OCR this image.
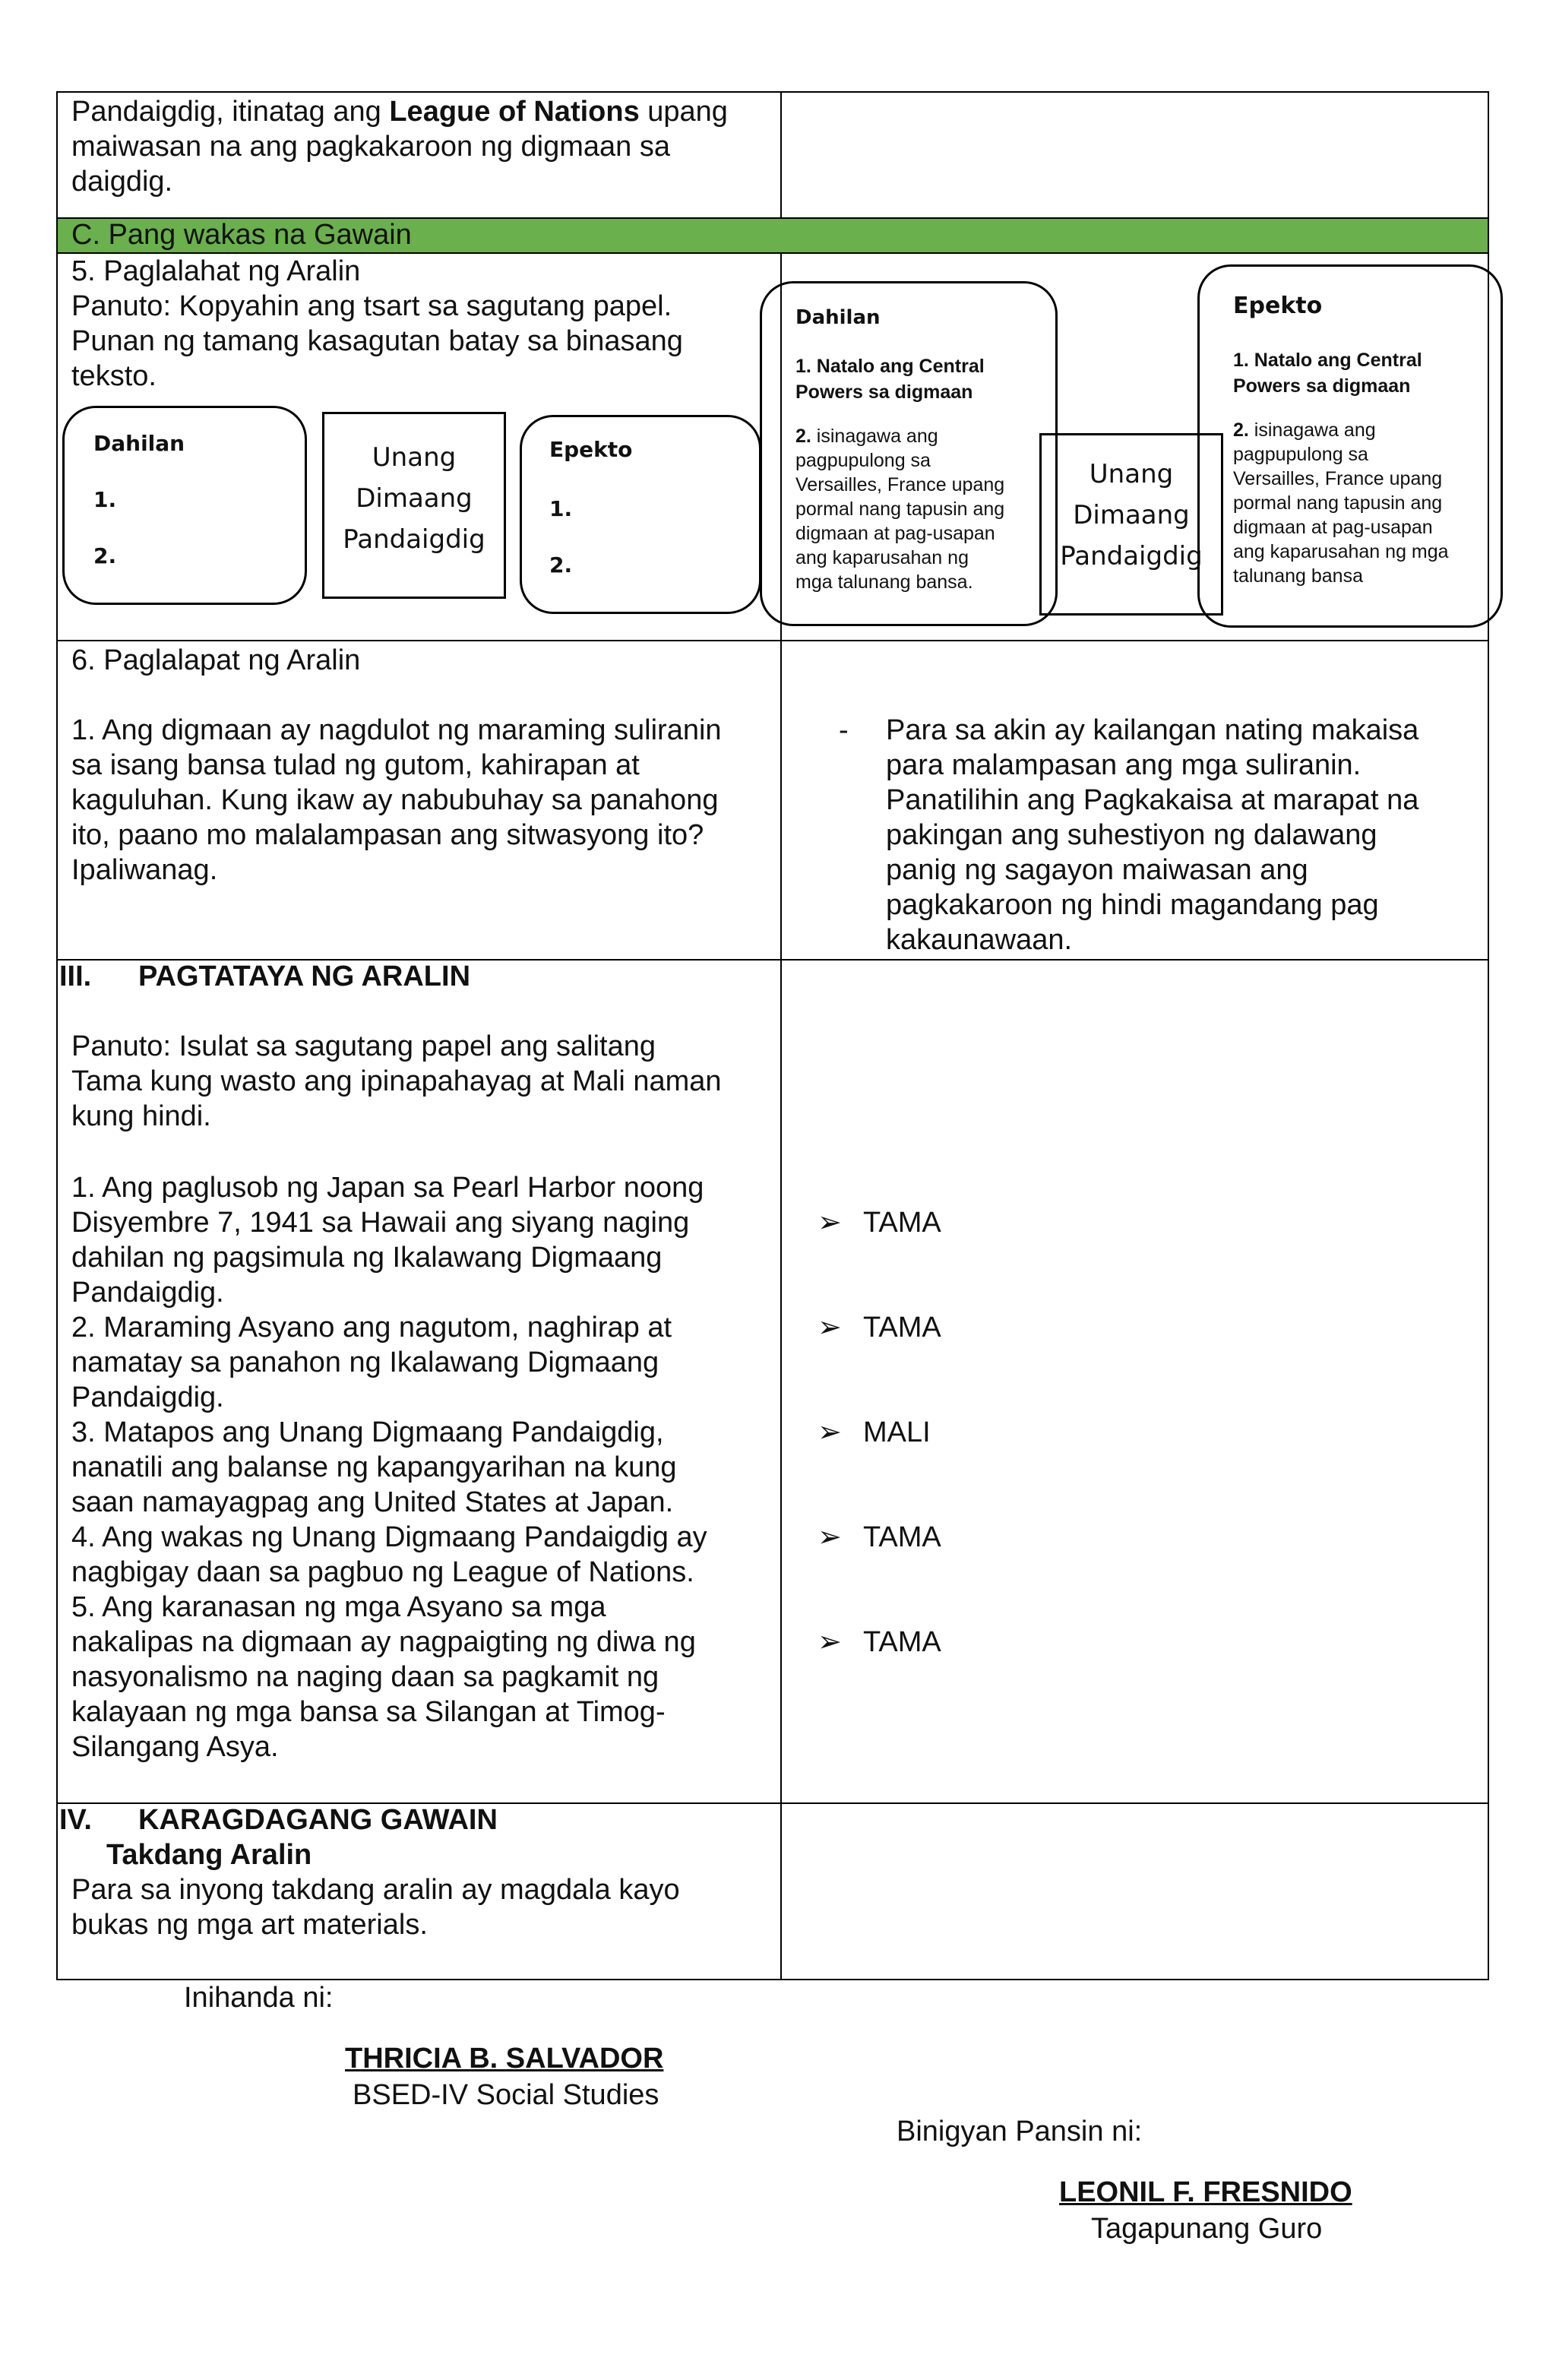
Pandaigdig, itinatag ang League of Nations upang
maiwasan na ang pagkakaroon ng digmaan sa
daigdig.
C. Pang wakas na Gawain
5. Paglalahat ng Aralin
Panuto: Kopyahin ang tsart sa sagutang papel.
Punan ng tamang kasagutan batay sa binasang
teksto.
Dahilan
1.
2.
Unang
Dimaang
Pandaigdig
Epekto
1.
2.
Dahilan
1. Natalo ang Central
Powers sa digmaan
2. isinagawa ang
pagpupulong sa
Versailles, France upang
pormal nang tapusin ang
digmaan at pag-usapan
ang kaparusahan ng
mga talunang bansa.
Unang
Dimaang
Pandaigdig
Epekto
1. Natalo ang Central
Powers sa digmaan
2. isinagawa ang
pagpupulong sa
Versailles, France upang
pormal nang tapusin ang
digmaan at pag-usapan
ang kaparusahan ng mga
talunang bansa
6. Paglalapat ng Aralin
1. Ang digmaan ay nagdulot ng maraming suliranin
sa isang bansa tulad ng gutom, kahirapan at
kaguluhan. Kung ikaw ay nabubuhay sa panahong
ito, paano mo malalampasan ang sitwasyong ito?
Ipaliwanag.
- Para sa akin ay kailangan nating makaisa
para malampasan ang mga suliranin.
Panatilihin ang Pagkakaisa at marapat na
pakingan ang suhestiyon ng dalawang
panig ng sagayon maiwasan ang
pagkakaroon ng hindi magandang pag
kakaunawaan.
III. PAGTATAYA NG ARALIN
Panuto: Isulat sa sagutang papel ang salitang
Tama kung wasto ang ipinapahayag at Mali naman
kung hindi.
1. Ang paglusob ng Japan sa Pearl Harbor noong
Disyembre 7, 1941 sa Hawaii ang siyang naging
dahilan ng pagsimula ng Ikalawang Digmaang
Pandaigdig.
2. Maraming Asyano ang nagutom, naghirap at
namatay sa panahon ng Ikalawang Digmaang
Pandaigdig.
3. Matapos ang Unang Digmaang Pandaigdig,
nanatili ang balanse ng kapangyarihan na kung
saan namayagpag ang United States at Japan.
4. Ang wakas ng Unang Digmaang Pandaigdig ay
nagbigay daan sa pagbuo ng League of Nations.
5. Ang karanasan ng mga Asyano sa mga
nakalipas na digmaan ay nagpaigting ng diwa ng
nasyonalismo na naging daan sa pagkamit ng
kalayaan ng mga bansa sa Silangan at Timog-
Silangang Asya.
➢ TAMA
➢ TAMA
➢ MALI
➢ TAMA
➢ TAMA
IV. KARAGDAGANG GAWAIN
Takdang Aralin
Para sa inyong takdang aralin ay magdala kayo
bukas ng mga art materials.
Inihanda ni:
THRICIA B. SALVADOR
BSED-IV Social Studies
Binigyan Pansin ni:
LEONIL F. FRESNIDO
Tagapunang Guro
